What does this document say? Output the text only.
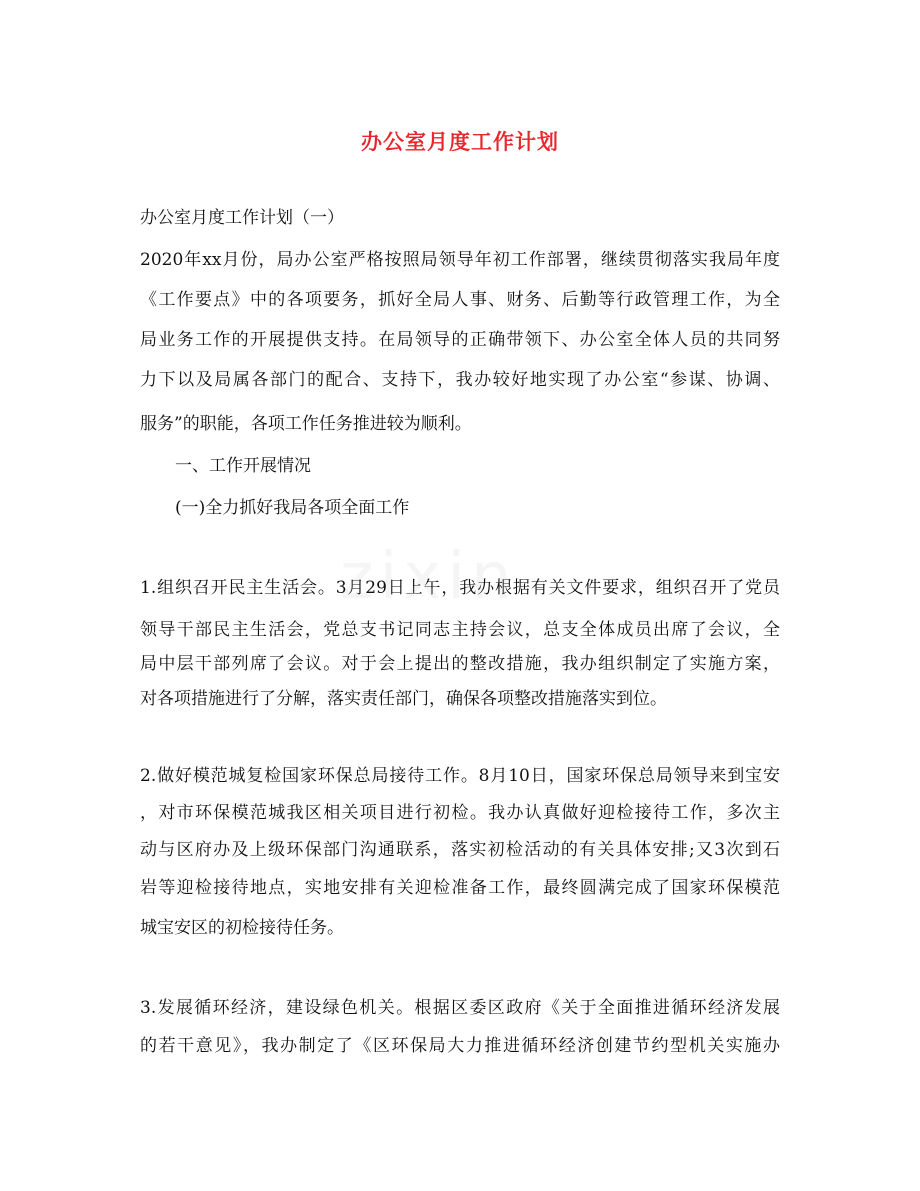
办公室月度工作计划
办公室月度工作计划（一）
2020年xx月份，局办公室严格按照局领导年初工作部署，继续贯彻落实我局年度
《工作要点》中的各项要务，抓好全局人事、财务、后勤等行政管理工作，为全
局业务工作的开展提供支持。在局领导的正确带领下、办公室全体人员的共同努
力下以及局属各部门的配合、支持下，我办较好地实现了办公室“参谋、协调、
服务”的职能，各项工作任务推进较为顺利。
一、工作开展情况
(一)全力抓好我局各项全面工作
1.组织召开民主生活会。3月29日上午，我办根据有关文件要求，组织召开了党员
领导干部民主生活会，党总支书记同志主持会议，总支全体成员出席了会议，全
局中层干部列席了会议。对于会上提出的整改措施，我办组织制定了实施方案，
对各项措施进行了分解，落实责任部门，确保各项整改措施落实到位。
2.做好模范城复检国家环保总局接待工作。8月10日，国家环保总局领导来到宝安
，对市环保模范城我区相关项目进行初检。我办认真做好迎检接待工作，多次主
动与区府办及上级环保部门沟通联系，落实初检活动的有关具体安排;又3次到石
岩等迎检接待地点，实地安排有关迎检准备工作，最终圆满完成了国家环保模范
城宝安区的初检接待任务。
3.发展循环经济，建设绿色机关。根据区委区政府《关于全面推进循环经济发展
的若干意见》，我办制定了《区环保局大力推进循环经济创建节约型机关实施办
zixin
